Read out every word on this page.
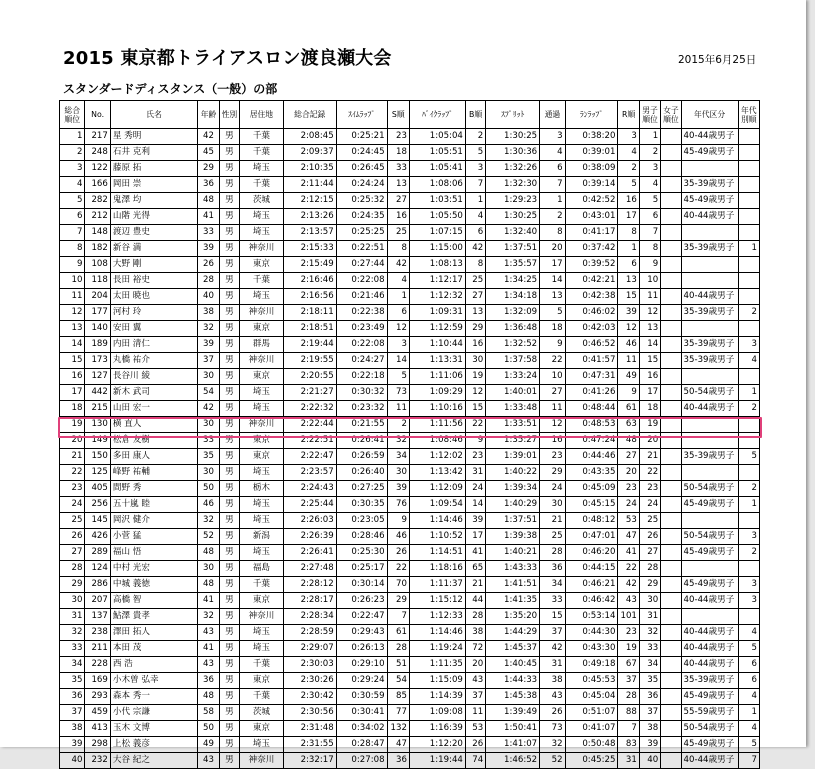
2015 東京都トライアスロン渡良瀬大会	2015年6月25日
スタンダードディスタンス（一般）の部
総合
順位	No.	氏名	年齢	性別	居住地	総合記録	ｽｲﾑﾗｯﾌﾟ	S順	ﾊﾞｲｸﾗｯﾌﾟ	B順	ｽﾌﾟﾘｯﾄ	通過	ﾗﾝﾗｯﾌﾟ	R順	男子
順位	女子
順位	年代区分	年代
別順
1	217	星 秀明	42	男	千葉	2:08:45	0:25:21	23	1:05:04	2	1:30:25	3	0:38:20	3	1		40-44歳男子	
2	248	石井 克利	45	男	千葉	2:09:37	0:24:45	18	1:05:51	5	1:30:36	4	0:39:01	4	2		45-49歳男子	
3	122	藤原 拓	29	男	埼玉	2:10:35	0:26:45	33	1:05:41	3	1:32:26	6	0:38:09	2	3			
4	166	岡田 崇	36	男	千葉	2:11:44	0:24:24	13	1:08:06	7	1:32:30	7	0:39:14	5	4		35-39歳男子	
5	282	鬼澤 均	48	男	茨城	2:12:15	0:25:32	27	1:03:51	1	1:29:23	1	0:42:52	16	5		45-49歳男子	
6	212	山階 光得	41	男	埼玉	2:13:26	0:24:35	16	1:05:50	4	1:30:25	2	0:43:01	17	6		40-44歳男子	
7	148	渡辺 豊史	33	男	埼玉	2:13:57	0:25:25	25	1:07:15	6	1:32:40	8	0:41:17	8	7			
8	182	新谷 満	39	男	神奈川	2:15:33	0:22:51	8	1:15:00	42	1:37:51	20	0:37:42	1	8		35-39歳男子	1
9	108	大野 剛	26	男	東京	2:15:49	0:27:44	42	1:08:13	8	1:35:57	17	0:39:52	6	9			
10	118	長田 裕史	28	男	千葉	2:16:46	0:22:08	4	1:12:17	25	1:34:25	14	0:42:21	13	10			
11	204	太田 暁也	40	男	埼玉	2:16:56	0:21:46	1	1:12:32	27	1:34:18	13	0:42:38	15	11		40-44歳男子	
12	177	河村 玲	38	男	神奈川	2:18:11	0:22:38	6	1:09:31	13	1:32:09	5	0:46:02	39	12		35-39歳男子	2
13	140	安田 翼	32	男	東京	2:18:51	0:23:49	12	1:12:59	29	1:36:48	18	0:42:03	12	13			
14	189	内田 清仁	39	男	群馬	2:19:44	0:22:08	3	1:10:44	16	1:32:52	9	0:46:52	46	14		35-39歳男子	3
15	173	丸橋 祐介	37	男	神奈川	2:19:55	0:24:27	14	1:13:31	30	1:37:58	22	0:41:57	11	15		35-39歳男子	4
16	127	長谷川 綾	30	男	東京	2:20:55	0:22:18	5	1:11:06	19	1:33:24	10	0:47:31	49	16			
17	442	新木 武司	54	男	埼玉	2:21:27	0:30:32	73	1:09:29	12	1:40:01	27	0:41:26	9	17		50-54歳男子	1
18	215	山田 宏一	42	男	埼玉	2:22:32	0:23:32	11	1:10:16	15	1:33:48	11	0:48:44	61	18		40-44歳男子	2
19	130	横 直人	30	男	神奈川	2:22:44	0:21:55	2	1:11:56	22	1:33:51	12	0:48:53	63	19			
20	149	松倉 友樹	33	男	東京	2:22:51	0:26:41	32	1:08:46	9	1:35:27	16	0:47:24	48	20			
21	150	多田 康人	35	男	東京	2:22:47	0:26:59	34	1:12:02	23	1:39:01	23	0:44:46	27	21		35-39歳男子	5
22	125	峰野 祐輔	30	男	埼玉	2:23:57	0:26:40	30	1:13:42	31	1:40:22	29	0:43:35	20	22			
23	405	間野 秀	50	男	栃木	2:24:43	0:27:25	39	1:12:09	24	1:39:34	24	0:45:09	23	23		50-54歳男子	2
24	256	五十嵐 睦	46	男	埼玉	2:25:44	0:30:35	76	1:09:54	14	1:40:29	30	0:45:15	24	24		45-49歳男子	1
25	145	岡沢 健介	32	男	埼玉	2:26:03	0:23:05	9	1:14:46	39	1:37:51	21	0:48:12	53	25			
26	426	小菅 猛	52	男	新潟	2:26:39	0:28:46	46	1:10:52	17	1:39:38	25	0:47:01	47	26		50-54歳男子	3
27	289	福山 悟	48	男	埼玉	2:26:41	0:25:30	26	1:14:51	41	1:40:21	28	0:46:20	41	27		45-49歳男子	2
28	124	中村 光宏	30	男	福島	2:27:48	0:25:17	22	1:18:16	65	1:43:33	36	0:44:15	22	28			
29	286	中城 義徳	48	男	千葉	2:28:12	0:30:14	70	1:11:37	21	1:41:51	34	0:46:21	42	29		45-49歳男子	3
30	207	高橋 智	41	男	東京	2:28:17	0:26:23	29	1:15:12	44	1:41:35	33	0:46:42	43	30		40-44歳男子	3
31	137	鮎澤 貴孝	32	男	神奈川	2:28:34	0:22:47	7	1:12:33	28	1:35:20	15	0:53:14	101	31			
32	238	澤田 拓人	43	男	埼玉	2:28:59	0:29:43	61	1:14:46	38	1:44:29	37	0:44:30	23	32		40-44歳男子	4
33	211	本田 茂	41	男	埼玉	2:29:07	0:26:13	28	1:19:24	72	1:45:37	42	0:43:30	19	33		40-44歳男子	5
34	228	西 浩	43	男	千葉	2:30:03	0:29:10	51	1:11:35	20	1:40:45	31	0:49:18	67	34		40-44歳男子	6
35	169	小木曽 弘幸	36	男	東京	2:30:26	0:29:24	54	1:15:09	43	1:44:33	38	0:45:53	37	35		35-39歳男子	6
36	293	森本 秀一	48	男	千葉	2:30:42	0:30:59	85	1:14:39	37	1:45:38	43	0:45:04	28	36		45-49歳男子	4
37	459	小代 宗謙	58	男	茨城	2:30:56	0:30:41	77	1:09:08	11	1:39:49	26	0:51:07	88	37		55-59歳男子	1
38	413	玉木 文博	50	男	東京	2:31:48	0:34:02	132	1:16:39	53	1:50:41	73	0:41:07	7	38		50-54歳男子	4
39	298	上松 義彦	49	男	埼玉	2:31:55	0:28:47	47	1:12:20	26	1:41:07	32	0:50:48	83	39		45-49歳男子	5
40	232	大谷 紀之	43	男	神奈川	2:32:17	0:27:08	36	1:19:44	74	1:46:52	52	0:45:25	31	40		40-44歳男子	7
